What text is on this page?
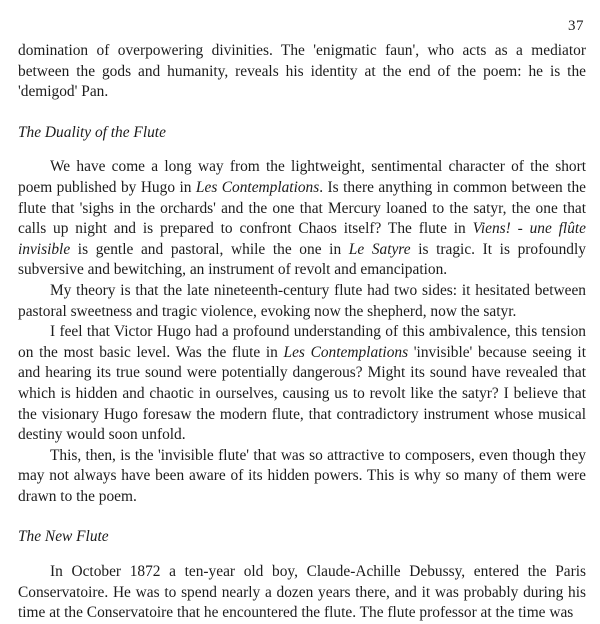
37

domination of overpowering divinities. The 'enigmatic faun', who acts as a mediator between the gods and humanity, reveals his identity at the end of the poem: he is the 'demigod' Pan.

The Duality of the Flute

We have come a long way from the lightweight, sentimental character of the short poem published by Hugo in Les Contemplations. Is there anything in common between the flute that 'sighs in the orchards' and the one that Mercury loaned to the satyr, the one that calls up night and is prepared to confront Chaos itself? The flute in Viens! - une flûte invisible is gentle and pastoral, while the one in Le Satyre is tragic. It is profoundly subversive and bewitching, an instrument of revolt and emancipation.

My theory is that the late nineteenth-century flute had two sides: it hesitated between pastoral sweetness and tragic violence, evoking now the shepherd, now the satyr.

I feel that Victor Hugo had a profound understanding of this ambivalence, this tension on the most basic level. Was the flute in Les Contemplations 'invisible' because seeing it and hearing its true sound were potentially dangerous? Might its sound have revealed that which is hidden and chaotic in ourselves, causing us to revolt like the satyr? I believe that the visionary Hugo foresaw the modern flute, that contradictory instrument whose musical destiny would soon unfold.

This, then, is the 'invisible flute' that was so attractive to composers, even though they may not always have been aware of its hidden powers. This is why so many of them were drawn to the poem.

The New Flute

In October 1872 a ten-year old boy, Claude-Achille Debussy, entered the Paris Conservatoire. He was to spend nearly a dozen years there, and it was probably during his time at the Conservatoire that he encountered the flute. The flute professor at the time was
